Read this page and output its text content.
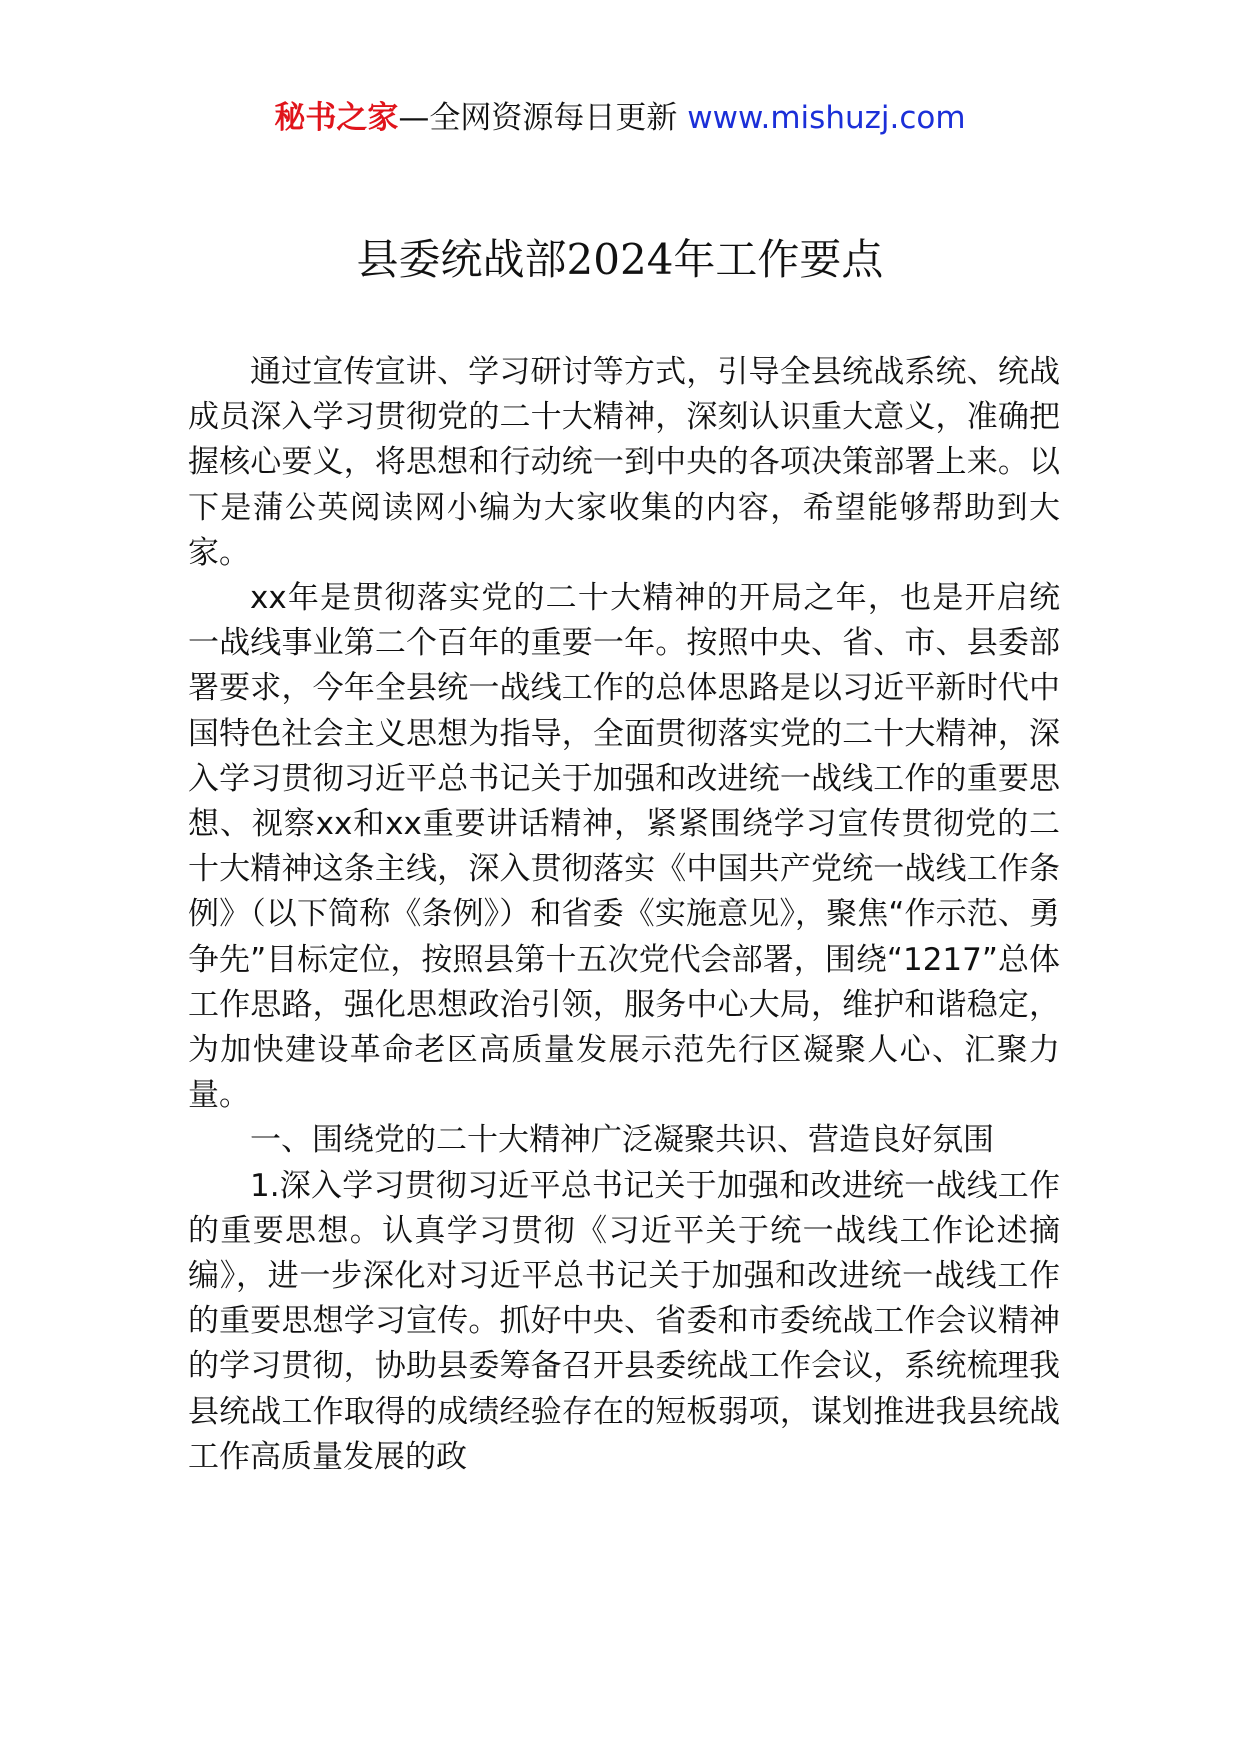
秘书之家—全网资源每日更新 www.mishuzj.com
县委统战部2024年工作要点

通过宣传宣讲、学习研讨等方式，引导全县统战系统、统战成员深入学习贯彻党的二十大精神，深刻认识重大意义，准确把握核心要义，将思想和行动统一到中央的各项决策部署上来。以下是蒲公英阅读网小编为大家收集的内容，希望能够帮助到大家。

xx年是贯彻落实党的二十大精神的开局之年，也是开启统一战线事业第二个百年的重要一年。按照中央、省、市、县委部署要求，今年全县统一战线工作的总体思路是以习近平新时代中国特色社会主义思想为指导，全面贯彻落实党的二十大精神，深入学习贯彻习近平总书记关于加强和改进统一战线工作的重要思想、视察xx和xx重要讲话精神，紧紧围绕学习宣传贯彻党的二十大精神这条主线，深入贯彻落实《中国共产党统一战线工作条例》（以下简称《条例》）和省委《实施意见》，聚焦“作示范、勇争先”目标定位，按照县第十五次党代会部署，围绕“1217”总体工作思路，强化思想政治引领，服务中心大局，维护和谐稳定，为加快建设革命老区高质量发展示范先行区凝聚人心、汇聚力量。

一、围绕党的二十大精神广泛凝聚共识、营造良好氛围

1.深入学习贯彻习近平总书记关于加强和改进统一战线工作的重要思想。认真学习贯彻《习近平关于统一战线工作论述摘编》，进一步深化对习近平总书记关于加强和改进统一战线工作的重要思想学习宣传。抓好中央、省委和市委统战工作会议精神的学习贯彻，协助县委筹备召开县委统战工作会议，系统梳理我县统战工作取得的成绩经验存在的短板弱项，谋划推进我县统战工作高质量发展的政
